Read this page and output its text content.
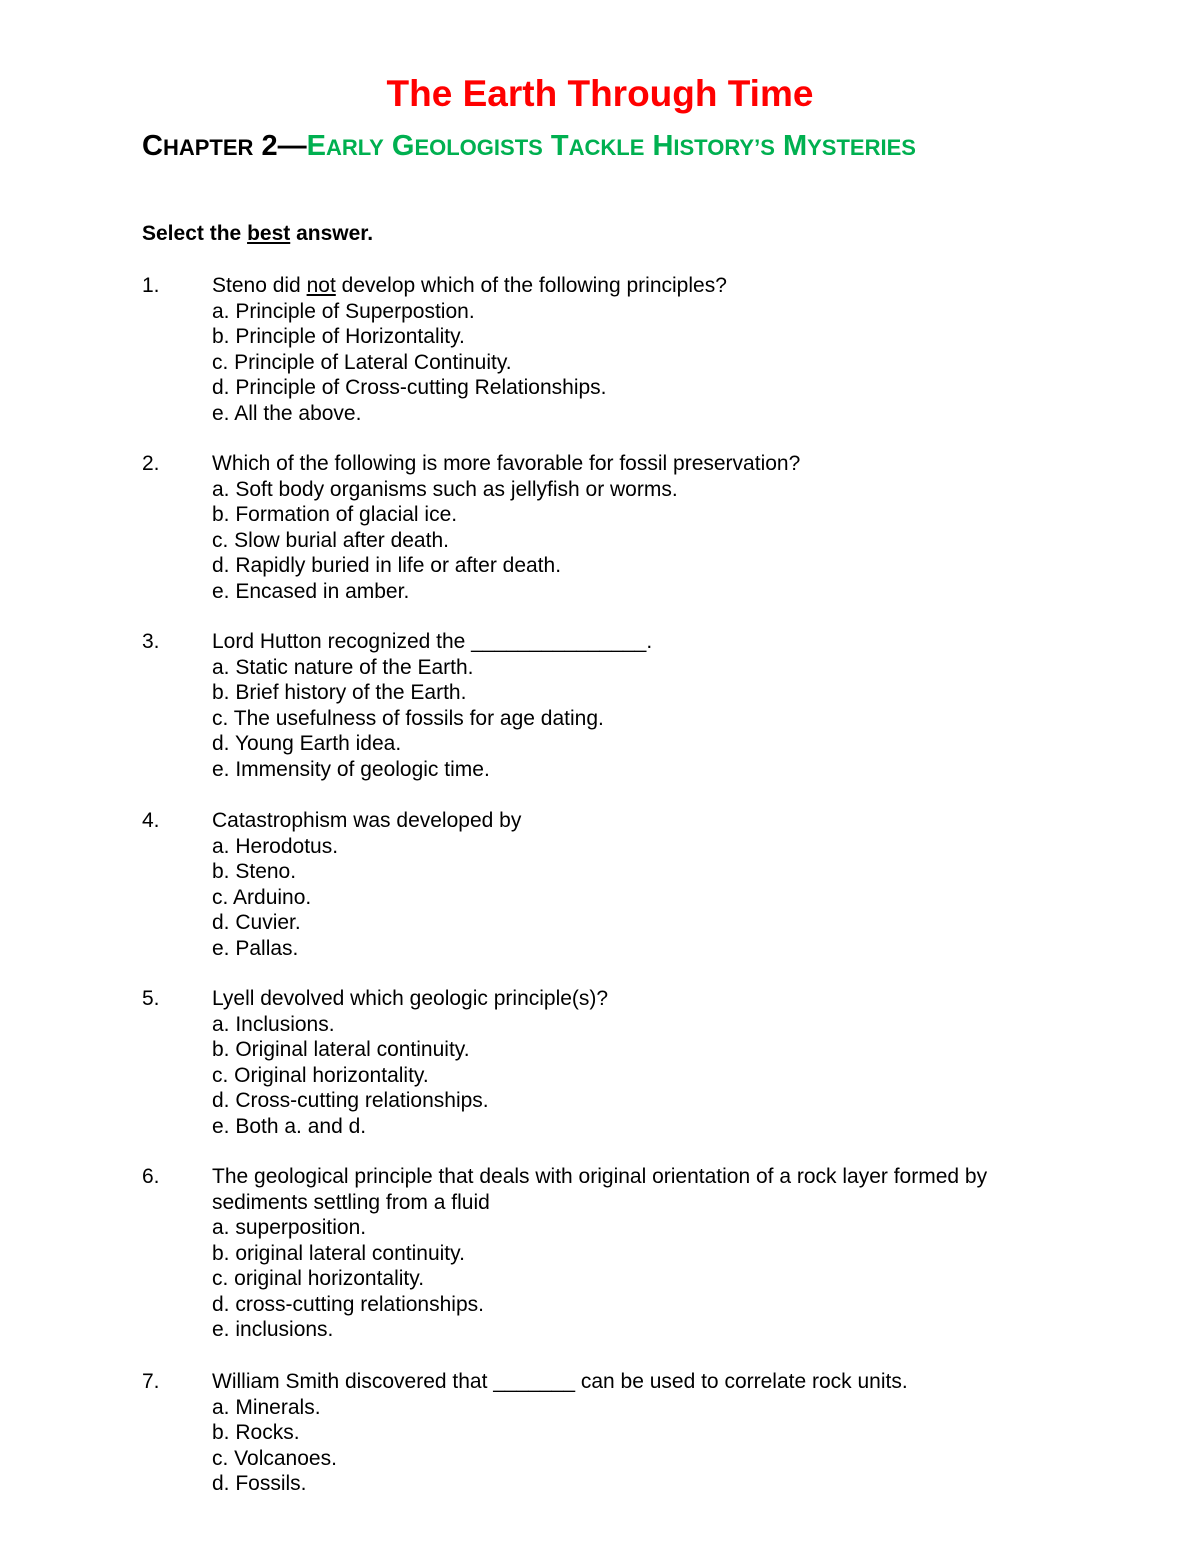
The Earth Through Time
CHAPTER 2—EARLY GEOLOGISTS TACKLE HISTORY’S MYSTERIES
Select the best answer.
1. Steno did not develop which of the following principles?
a. Principle of Superpostion.
b. Principle of Horizontality.
c. Principle of Lateral Continuity.
d. Principle of Cross-cutting Relationships.
e. All the above.
2. Which of the following is more favorable for fossil preservation?
a. Soft body organisms such as jellyfish or worms.
b. Formation of glacial ice.
c. Slow burial after death.
d. Rapidly buried in life or after death.
e. Encased in amber.
3. Lord Hutton recognized the _______________.
a. Static nature of the Earth.
b. Brief history of the Earth.
c. The usefulness of fossils for age dating.
d. Young Earth idea.
e. Immensity of geologic time.
4. Catastrophism was developed by
a. Herodotus.
b. Steno.
c. Arduino.
d. Cuvier.
e. Pallas.
5. Lyell devolved which geologic principle(s)?
a. Inclusions.
b. Original lateral continuity.
c. Original horizontality.
d. Cross-cutting relationships.
e. Both a. and d.
6. The geological principle that deals with original orientation of a rock layer formed by sediments settling from a fluid
a. superposition.
b. original lateral continuity.
c. original horizontality.
d. cross-cutting relationships.
e. inclusions.
7. William Smith discovered that _______ can be used to correlate rock units.
a. Minerals.
b. Rocks.
c. Volcanoes.
d. Fossils.
